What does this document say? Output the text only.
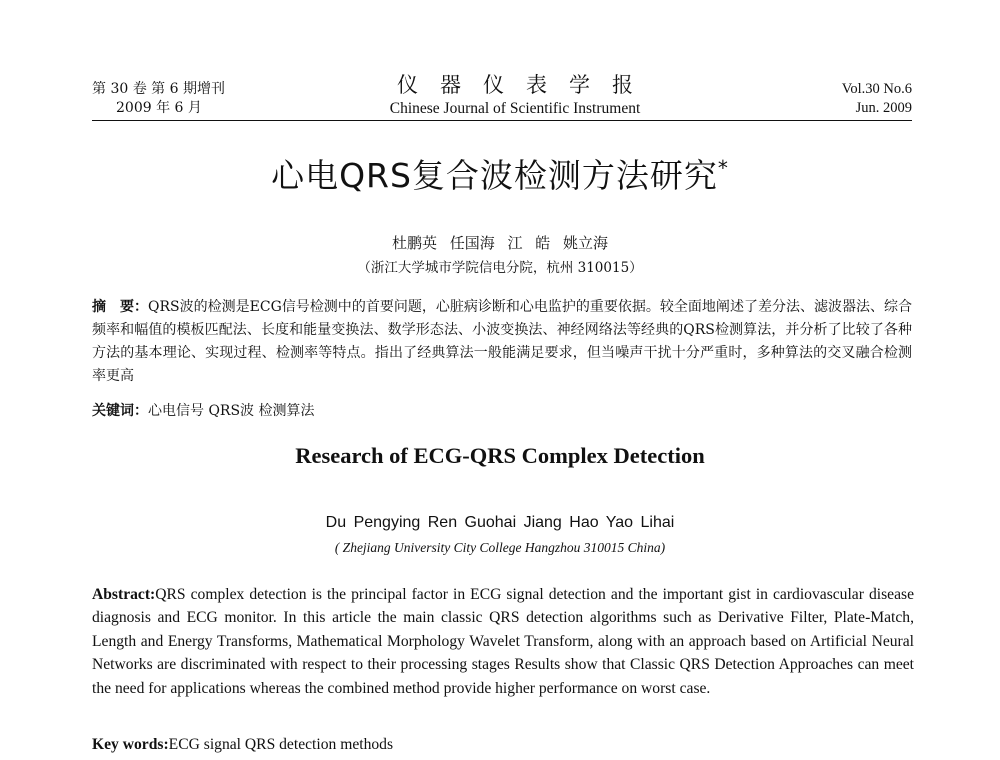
第 30 卷 第 6 期增刊
2009 年 6 月
仪器仪表学报
Chinese Journal of Scientific Instrument
Vol.30 No.6
Jun. 2009
心电QRS复合波检测方法研究*
杜鹏英 任国海 江 皓 姚立海
（浙江大学城市学院信电分院，杭州 310015）
摘　要：QRS波的检测是ECG信号检测中的首要问题，心脏病诊断和心电监护的重要依据。较全面地阐述了差分法、滤波器法、综合频率和幅值的模板匹配法、长度和能量变换法、数学形态法、小波变换法、神经网络法等经典的QRS检测算法，并分析了比较了各种方法的基本理论、实现过程、检测率等特点。指出了经典算法一般能满足要求，但当噪声干扰十分严重时，多种算法的交叉融合检测率更高
关键词：心电信号 QRS波 检测算法
Research of ECG-QRS Complex Detection
Du Pengying Ren Guohai Jiang Hao Yao Lihai
( Zhejiang University City College Hangzhou 310015 China)
Abstract:QRS complex detection is the principal factor in ECG signal detection and the important gist in cardiovascular disease diagnosis and ECG monitor. In this article the main classic QRS detection algorithms such as Derivative Filter, Plate-Match, Length and Energy Transforms, Mathematical Morphology Wavelet Transform, along with an approach based on Artificial Neural Networks are discriminated with respect to their processing stages Results show that Classic QRS Detection Approaches can meet the need for applications whereas the combined method provide higher performance on worst case.
Key words:ECG signal QRS detection methods
